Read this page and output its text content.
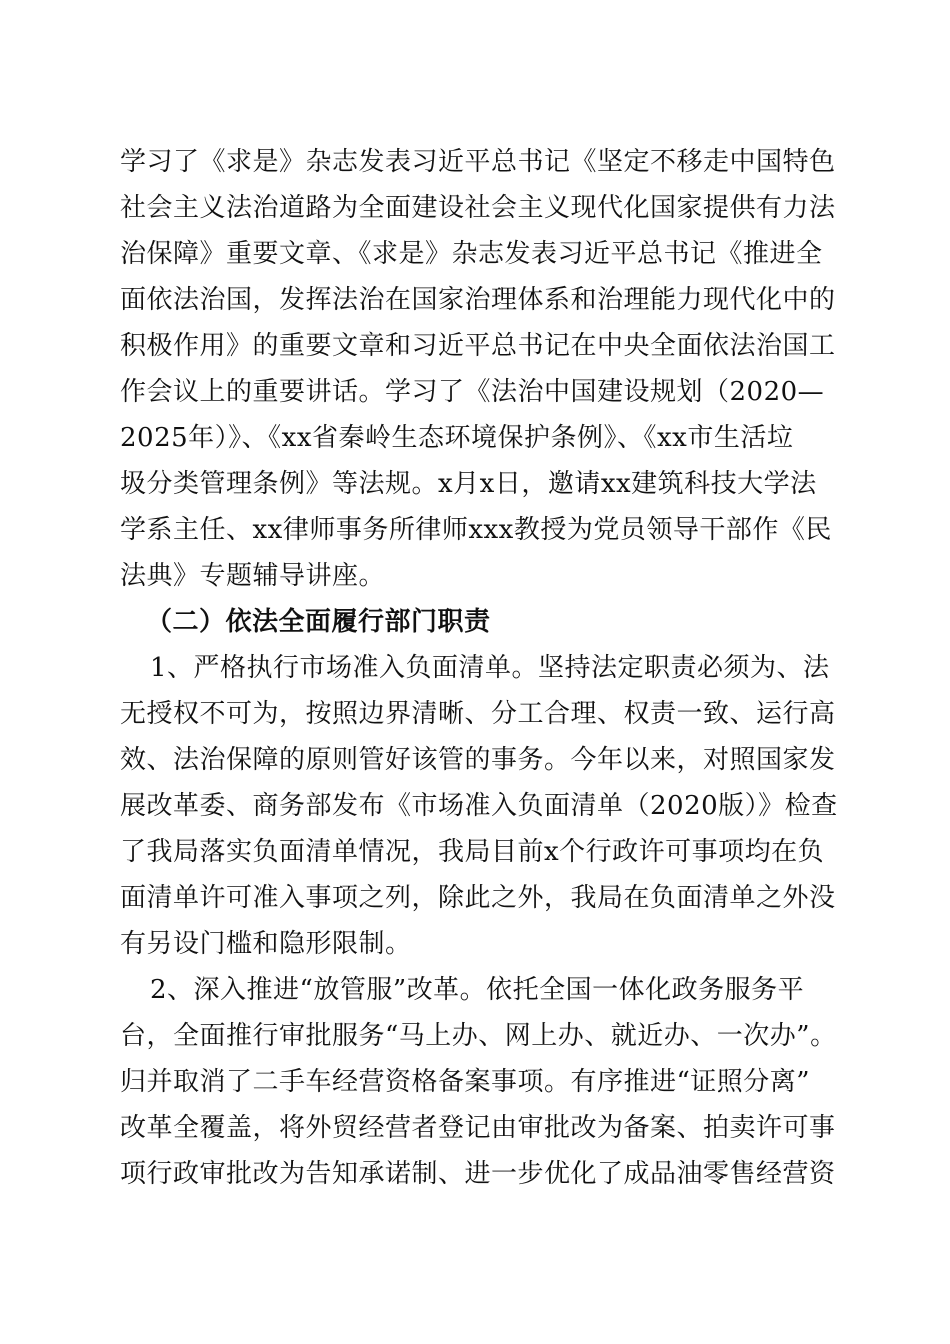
学习了《求是》杂志发表习近平总书记《坚定不移走中国特色
社会主义法治道路为全面建设社会主义现代化国家提供有力法
治保障》重要文章、《求是》杂志发表习近平总书记《推进全
面依法治国，发挥法治在国家治理体系和治理能力现代化中的
积极作用》的重要文章和习近平总书记在中央全面依法治国工
作会议上的重要讲话。学习了《法治中国建设规划（2020—
2025年）》、《xx省秦岭生态环境保护条例》、《xx市生活垃
圾分类管理条例》等法规。x月x日，邀请xx建筑科技大学法
学系主任、xx律师事务所律师xxx教授为党员领导干部作《民
法典》专题辅导讲座。
（二）依法全面履行部门职责
1、严格执行市场准入负面清单。坚持法定职责必须为、法
无授权不可为，按照边界清晰、分工合理、权责一致、运行高
效、法治保障的原则管好该管的事务。今年以来，对照国家发
展改革委、商务部发布《市场准入负面清单（2020版）》检查
了我局落实负面清单情况，我局目前x个行政许可事项均在负
面清单许可准入事项之列，除此之外，我局在负面清单之外没
有另设门槛和隐形限制。
2、深入推进“放管服”改革。依托全国一体化政务服务平
台，全面推行审批服务“马上办、网上办、就近办、一次办”。
归并取消了二手车经营资格备案事项。有序推进“证照分离”
改革全覆盖，将外贸经营者登记由审批改为备案、拍卖许可事
项行政审批改为告知承诺制、进一步优化了成品油零售经营资
